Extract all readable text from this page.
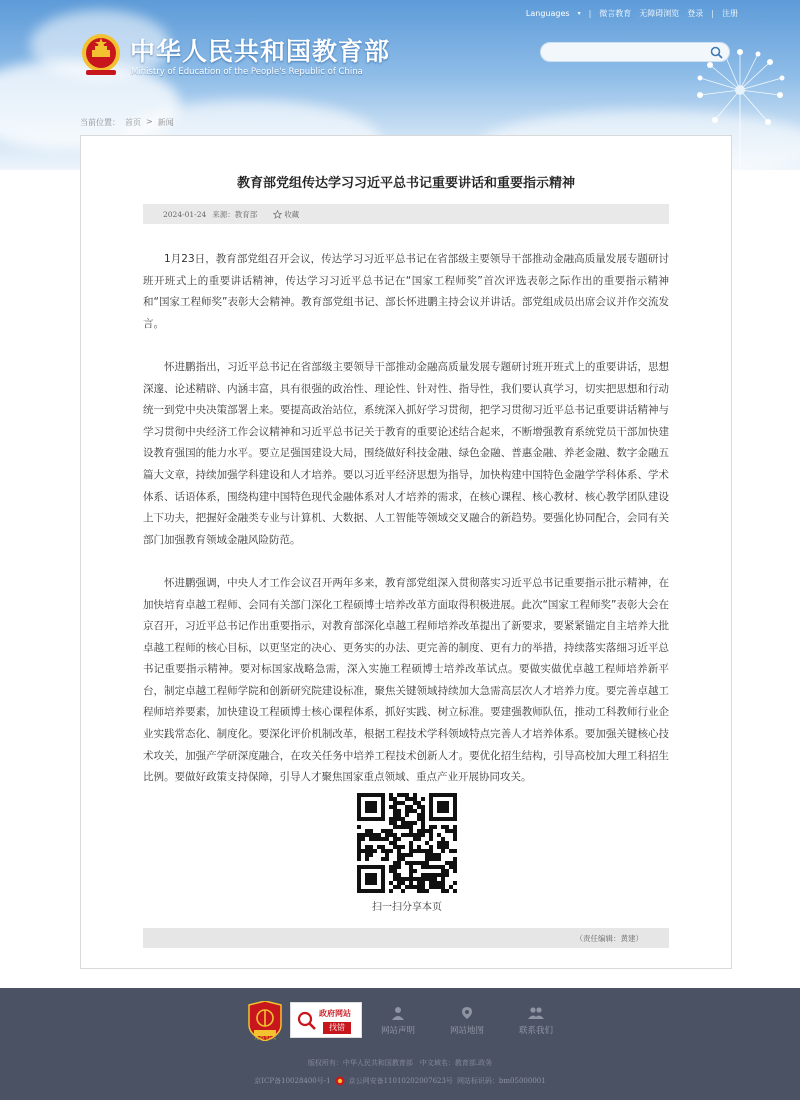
Languages ▾ | 微言教育 无障碍浏览 登录 | 注册
中华人民共和国教育部
Ministry of Education of the People's Republic of China
当前位置： 首页 > 新闻
教育部党组传达学习习近平总书记重要讲话和重要指示精神
2024-01-24 来源：教育部	收藏

1月23日，教育部党组召开会议，传达学习习近平总书记在省部级主要领导干部推动金融高质量发展专题研讨班开班式上的重要讲话精神，传达学习习近平总书记在“国家工程师奖”首次评选表彰之际作出的重要指示精神和“国家工程师奖”表彰大会精神。教育部党组书记、部长怀进鹏主持会议并讲话。部党组成员出席会议并作交流发言。

怀进鹏指出，习近平总书记在省部级主要领导干部推动金融高质量发展专题研讨班开班式上的重要讲话，思想深邃、论述精辟、内涵丰富，具有很强的政治性、理论性、针对性、指导性，我们要认真学习，切实把思想和行动统一到党中央决策部署上来。要提高政治站位，系统深入抓好学习贯彻，把学习贯彻习近平总书记重要讲话精神与学习贯彻中央经济工作会议精神和习近平总书记关于教育的重要论述结合起来，不断增强教育系统党员干部加快建设教育强国的能力水平。要立足强国建设大局，围绕做好科技金融、绿色金融、普惠金融、养老金融、数字金融五篇大文章，持续加强学科建设和人才培养。要以习近平经济思想为指导，加快构建中国特色金融学学科体系、学术体系、话语体系，围绕构建中国特色现代金融体系对人才培养的需求，在核心课程、核心教材、核心教学团队建设上下功夫，把握好金融类专业与计算机、大数据、人工智能等领域交叉融合的新趋势。要强化协同配合，会同有关部门加强教育领域金融风险防范。

怀进鹏强调，中央人才工作会议召开两年多来，教育部党组深入贯彻落实习近平总书记重要指示批示精神，在加快培育卓越工程师、会同有关部门深化工程硕博士培养改革方面取得积极进展。此次“国家工程师奖”表彰大会在京召开，习近平总书记作出重要指示，对教育部深化卓越工程师培养改革提出了新要求，要紧紧锚定自主培养大批卓越工程师的核心目标，以更坚定的决心、更务实的办法、更完善的制度、更有力的举措，持续落实落细习近平总书记重要指示精神。要对标国家战略急需，深入实施工程硕博士培养改革试点。要做实做优卓越工程师培养新平台，制定卓越工程师学院和创新研究院建设标准，聚焦关键领域持续加大急需高层次人才培养力度。要完善卓越工程师培养要素，加快建设工程硕博士核心课程体系，抓好实践、树立标准。要建强教师队伍，推动工科教师行业企业实践常态化、制度化。要深化评价机制改革，根据工程技术学科领域特点完善人才培养体系。要加强关键核心技术攻关，加强产学研深度融合，在攻关任务中培养工程技术创新人才。要优化招生结构，引导高校加大理工科招生比例。要做好政策支持保障，引导人才聚焦国家重点领域、重点产业开展协同攻关。

扫一扫分享本页
（责任编辑：黄建）
党政机关
政府网站
找错	网站声明	网站地图	联系我们
版权所有：中华人民共和国教育部　中文域名：教育部.政务
京ICP备10028400号-1	京公网安备11010202007623号 网站标识码：bm05000001
